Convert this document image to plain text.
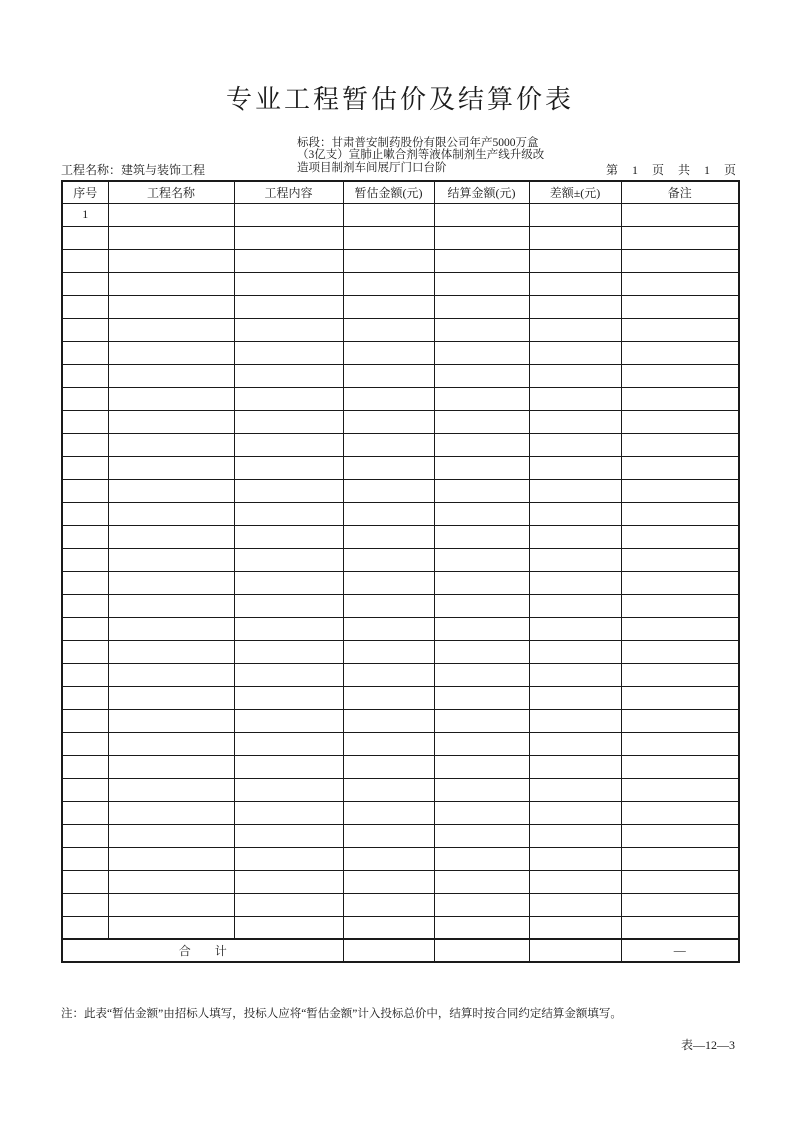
专业工程暂估价及结算价表
标段：甘肃普安制药股份有限公司年产5000万盒
（3亿支）宣肺止嗽合剂等液体制剂生产线升级改
造项目制剂车间展厅门口台阶
工程名称：建筑与装饰工程	第　1　页　共　1　页
序号	工程名称	工程内容	暂估金额(元)	结算金额(元)	差额±(元)	备注
1						

合　　计						—
注：此表“暂估金额”由招标人填写，投标人应将“暂估金额”计入投标总价中，结算时按合同约定结算金额填写。
表—12—3
